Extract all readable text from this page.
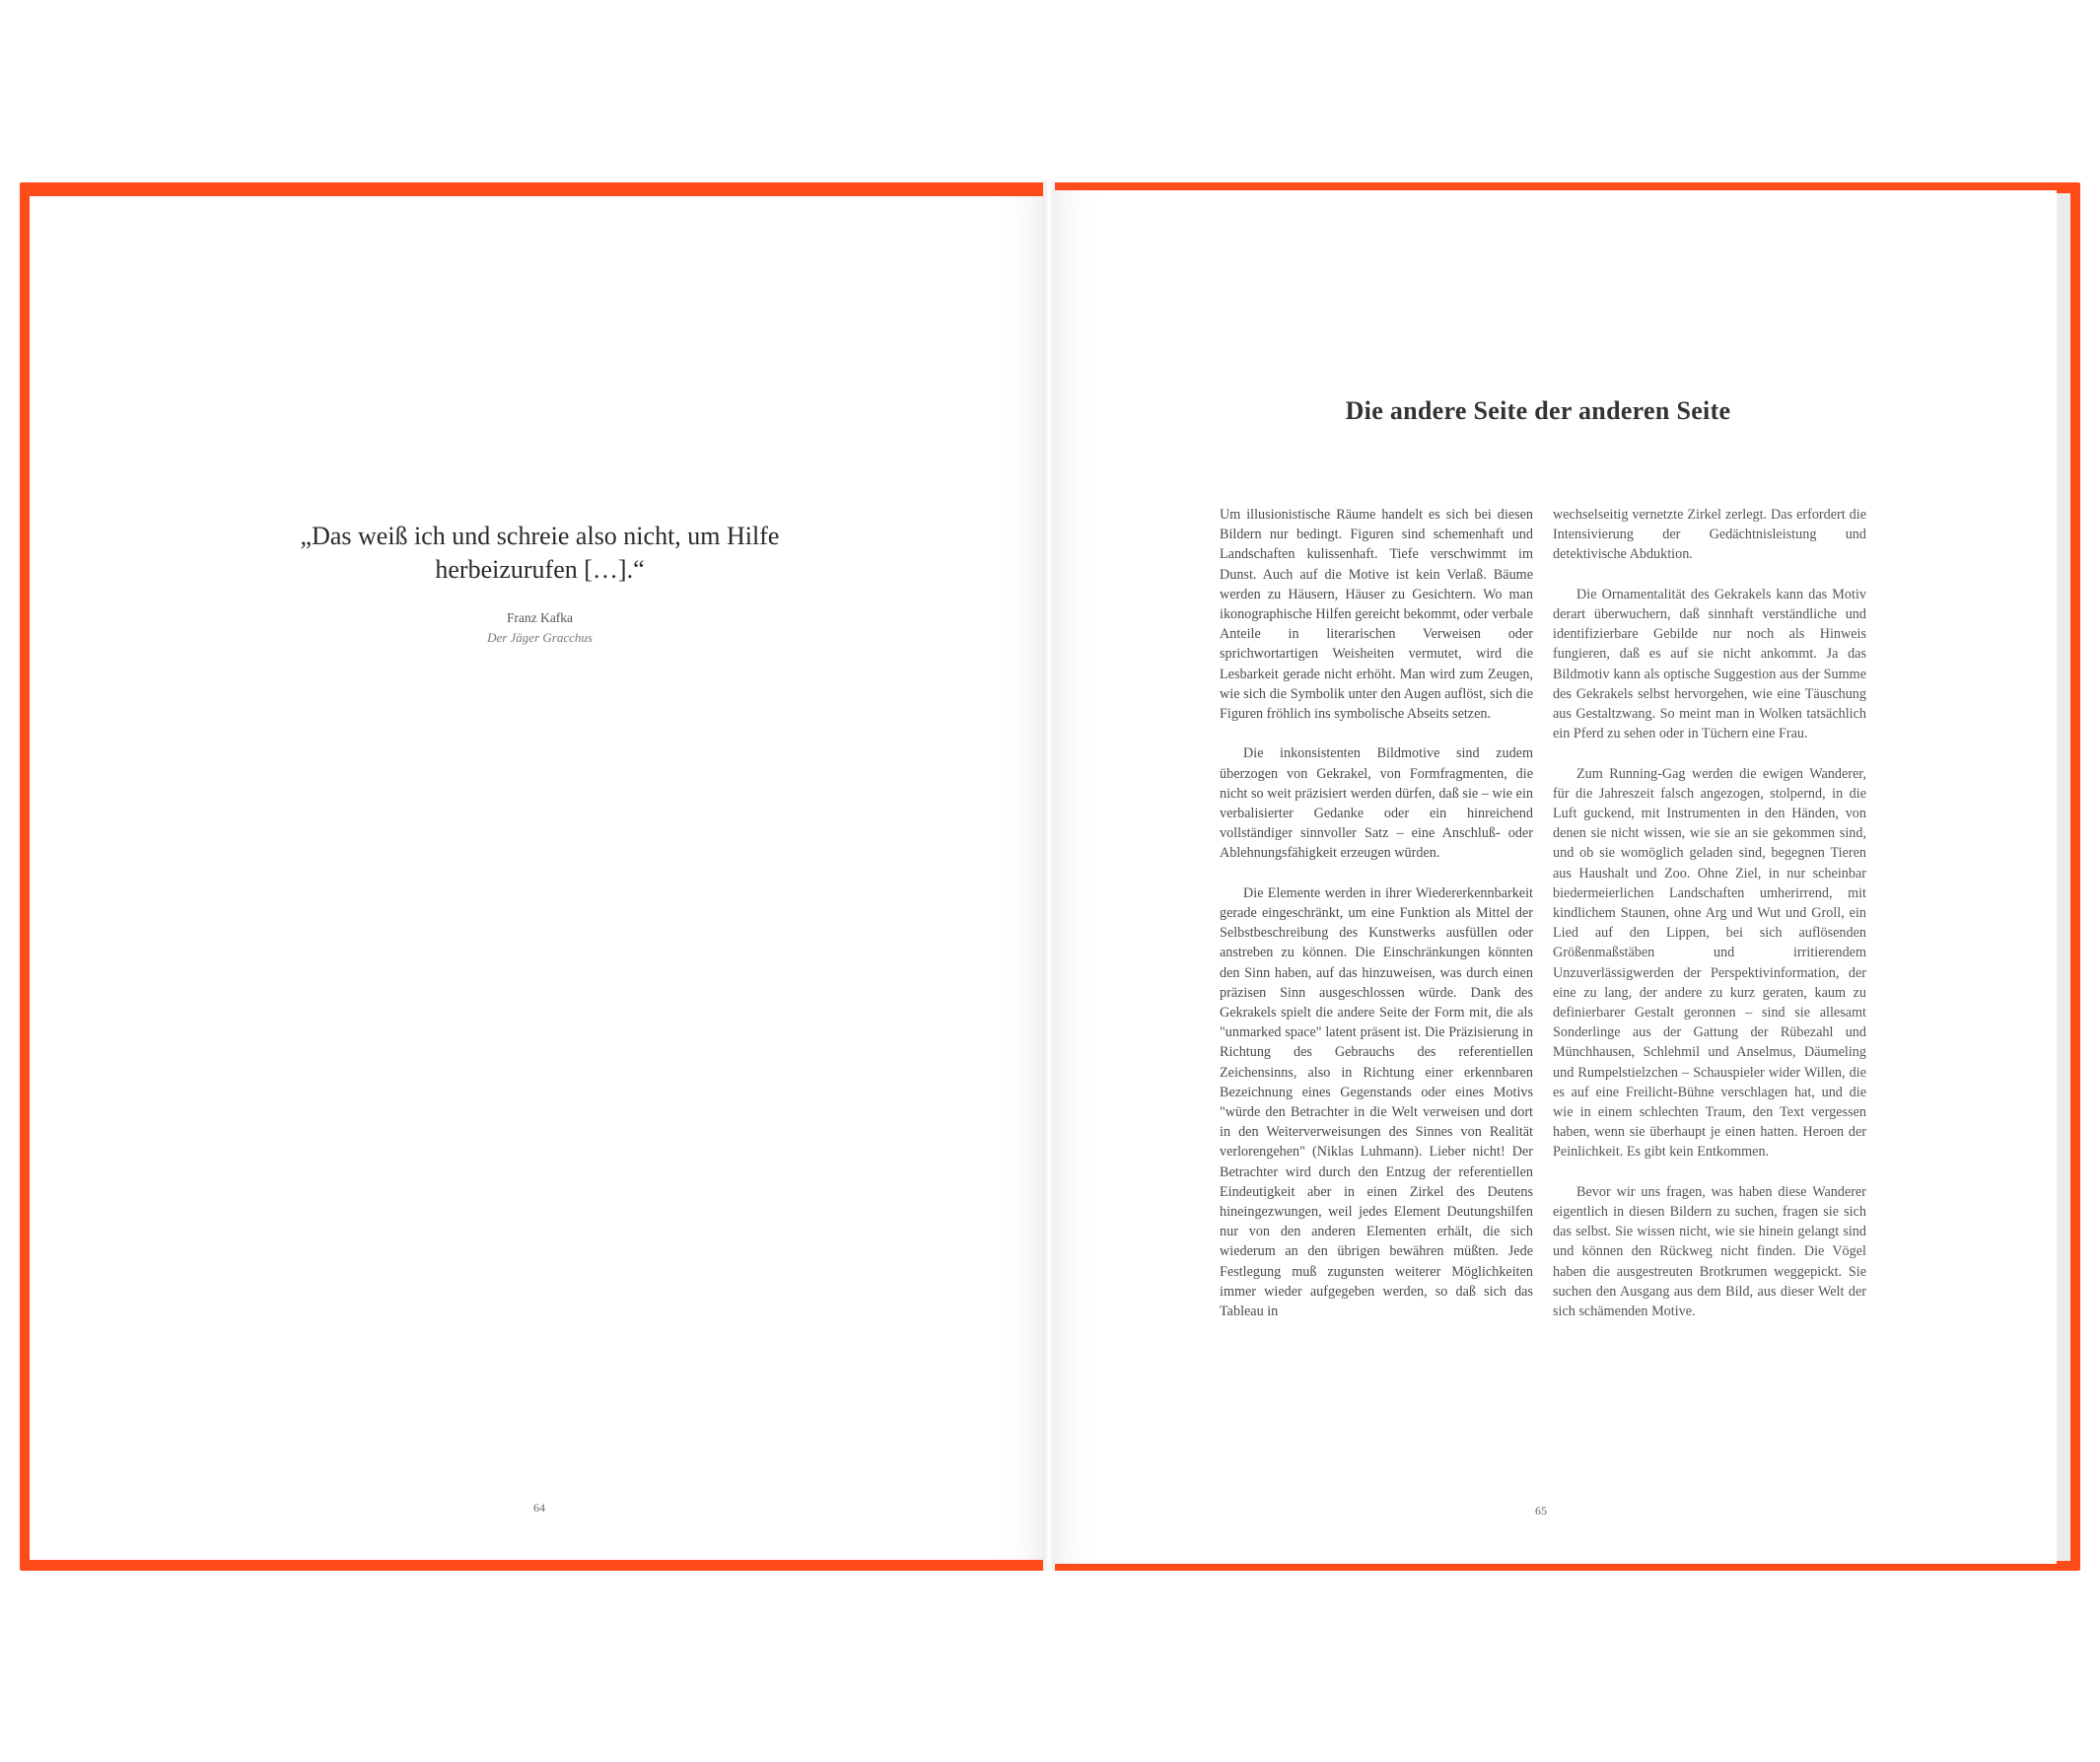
„Das weiß ich und schreie also nicht, um Hilfe herbeizurufen […].“
Franz Kafka
Der Jäger Gracchus
64
Die andere Seite der anderen Seite

Um illusionistische Räume handelt es sich bei diesen Bildern nur bedingt. Figuren sind schemenhaft und Landschaften kulissenhaft. Tiefe verschwimmt im Dunst. Auch auf die Motive ist kein Verlaß. Bäume werden zu Häusern, Häuser zu Gesichtern. Wo man ikonographische Hilfen gereicht bekommt, oder verbale Anteile in literarischen Verweisen oder sprichwortartigen Weisheiten vermutet, wird die Lesbarkeit gerade nicht erhöht. Man wird zum Zeugen, wie sich die Symbolik unter den Augen auflöst, sich die Figuren fröhlich ins symbolische Abseits setzen.

Die inkonsistenten Bildmotive sind zudem überzogen von Gekrakel, von Formfragmenten, die nicht so weit präzisiert werden dürfen, daß sie – wie ein verbalisierter Gedanke oder ein hinreichend vollständiger sinnvoller Satz – eine Anschluß- oder Ablehnungsfähigkeit erzeugen würden.

Die Elemente werden in ihrer Wiedererkennbarkeit gerade eingeschränkt, um eine Funktion als Mittel der Selbstbeschreibung des Kunstwerks ausfüllen oder anstreben zu können. Die Einschränkungen könnten den Sinn haben, auf das hinzuweisen, was durch einen präzisen Sinn ausgeschlossen würde. Dank des Gekrakels spielt die andere Seite der Form mit, die als "unmarked space" latent präsent ist. Die Präzisierung in Richtung des Gebrauchs des referentiellen Zeichensinns, also in Richtung einer erkennbaren Bezeichnung eines Gegenstands oder eines Motivs "würde den Betrachter in die Welt verweisen und dort in den Weiterverweisungen des Sinnes von Realität verlorengehen" (Niklas Luhmann). Lieber nicht! Der Betrachter wird durch den Entzug der referentiellen Eindeutigkeit aber in einen Zirkel des Deutens hineingezwungen, weil jedes Element Deutungshilfen nur von den anderen Elementen erhält, die sich wiederum an den übrigen bewähren müßten. Jede Festlegung muß zugunsten weiterer Möglichkeiten immer wieder aufgegeben werden, so daß sich das Tableau in

wechselseitig vernetzte Zirkel zerlegt. Das erfordert die Intensivierung der Gedächtnisleistung und detektivische Abduktion.

Die Ornamentalität des Gekrakels kann das Motiv derart überwuchern, daß sinnhaft verständliche und identifizierbare Gebilde nur noch als Hinweis fungieren, daß es auf sie nicht ankommt. Ja das Bildmotiv kann als optische Suggestion aus der Summe des Gekrakels selbst hervorgehen, wie eine Täuschung aus Gestaltzwang. So meint man in Wolken tatsächlich ein Pferd zu sehen oder in Tüchern eine Frau.

Zum Running-Gag werden die ewigen Wanderer, für die Jahreszeit falsch angezogen, stolpernd, in die Luft guckend, mit Instrumenten in den Händen, von denen sie nicht wissen, wie sie an sie gekommen sind, und ob sie womöglich geladen sind, begegnen Tieren aus Haushalt und Zoo. Ohne Ziel, in nur scheinbar biedermeierlichen Landschaften umherirrend, mit kindlichem Staunen, ohne Arg und Wut und Groll, ein Lied auf den Lippen, bei sich auflösenden Größenmaßstäben und irritierendem Unzuverlässigwerden der Perspektivinformation, der eine zu lang, der andere zu kurz geraten, kaum zu definierbarer Gestalt geronnen – sind sie allesamt Sonderlinge aus der Gattung der Rübezahl und Münchhausen, Schlehmil und Anselmus, Däumeling und Rumpelstielzchen – Schauspieler wider Willen, die es auf eine Freilicht-Bühne verschlagen hat, und die wie in einem schlechten Traum, den Text vergessen haben, wenn sie überhaupt je einen hatten. Heroen der Peinlichkeit. Es gibt kein Entkommen.

Bevor wir uns fragen, was haben diese Wanderer eigentlich in diesen Bildern zu suchen, fragen sie sich das selbst. Sie wissen nicht, wie sie hinein gelangt sind und können den Rückweg nicht finden. Die Vögel haben die ausgestreuten Brotkrumen weggepickt. Sie suchen den Ausgang aus dem Bild, aus dieser Welt der sich schämenden Motive.

65
